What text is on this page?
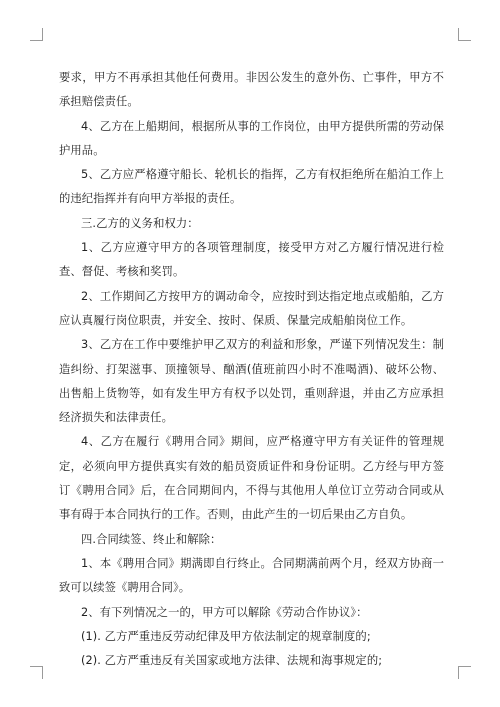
要求，甲方不再承担其他任何费用。非因公发生的意外伤、亡事件，甲方不承担赔偿责任。

4、乙方在上船期间，根据所从事的工作岗位，由甲方提供所需的劳动保护用品。

5、乙方应严格遵守船长、轮机长的指挥，乙方有权拒绝所在船泊工作上的违纪指挥并有向甲方举报的责任。

三.乙方的义务和权力：

1、乙方应遵守甲方的各项管理制度，接受甲方对乙方履行情况进行检查、督促、考核和奖罚。

2、工作期间乙方按甲方的调动命令，应按时到达指定地点或船舶，乙方应认真履行岗位职责，并安全、按时、保质、保量完成船舶岗位工作。

3、乙方在工作中要维护甲乙双方的利益和形象，严谨下列情况发生：制造纠纷、打架滋事、顶撞领导、酗酒(值班前四小时不准喝酒)、破坏公物、出售船上货物等，如有发生甲方有权予以处罚，重则辞退，并由乙方应承担经济损失和法律责任。

4、乙方在履行《聘用合同》期间，应严格遵守甲方有关证件的管理规定，必须向甲方提供真实有效的船员资质证件和身份证明。乙方经与甲方签订《聘用合同》后，在合同期间内，不得与其他用人单位订立劳动合同或从事有碍于本合同执行的工作。否则，由此产生的一切后果由乙方自负。

四.合同续签、终止和解除：

1、本《聘用合同》期满即自行终止。合同期满前两个月，经双方协商一致可以续签《聘用合同》。

2、有下列情况之一的，甲方可以解除《劳动合作协议》：

(1). 乙方严重违反劳动纪律及甲方依法制定的规章制度的;

(2). 乙方严重违反有关国家或地方法律、法规和海事规定的;
